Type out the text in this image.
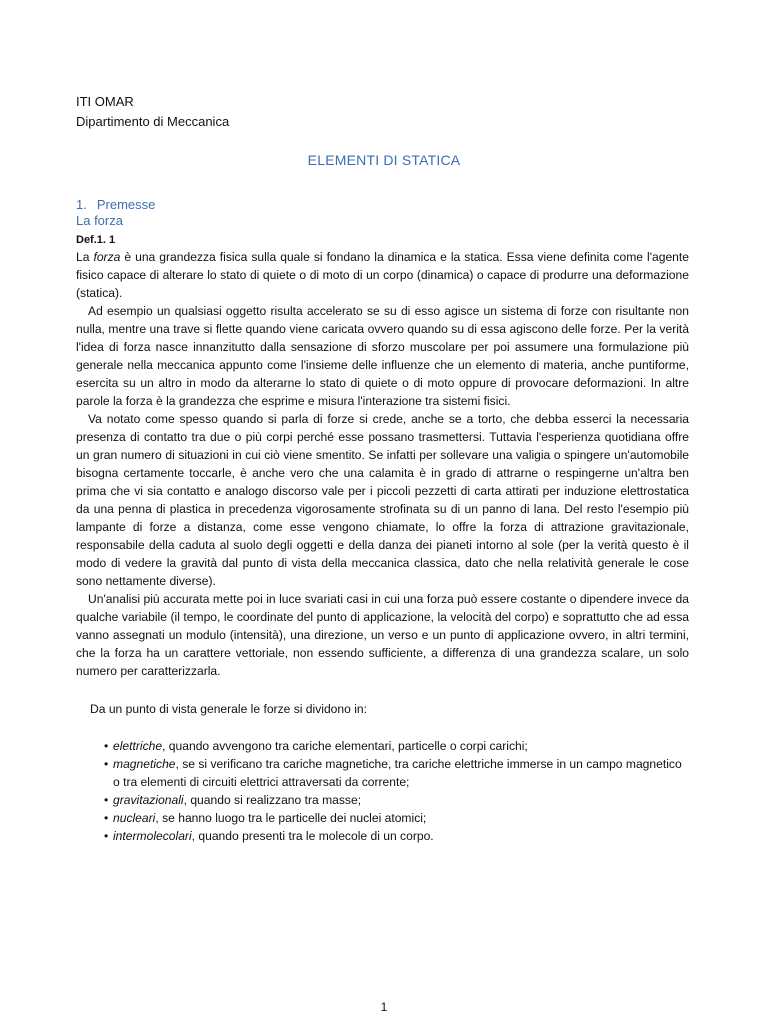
ITI OMAR
Dipartimento di Meccanica
ELEMENTI DI STATICA
1. Premesse
La forza
Def.1. 1

La forza è una grandezza fisica sulla quale si fondano la dinamica e la statica. Essa viene definita come l'agente fisico capace di alterare lo stato di quiete o di moto di un corpo (dinamica) o capace di produrre una deformazione (statica).

Ad esempio un qualsiasi oggetto risulta accelerato se su di esso agisce un sistema di forze con risultante non nulla, mentre una trave si flette quando viene caricata ovvero quando su di essa agiscono delle forze. Per la verità l'idea di forza nasce innanzitutto dalla sensazione di sforzo muscolare per poi assumere una formulazione più generale nella meccanica appunto come l'insieme delle influenze che un elemento di materia, anche puntiforme, esercita su un altro in modo da alterarne lo stato di quiete o di moto oppure di provocare deformazioni. In altre parole la forza è la grandezza che esprime e misura l'interazione tra sistemi fisici.

Va notato come spesso quando si parla di forze si crede, anche se a torto, che debba esserci la necessaria presenza di contatto tra due o più corpi perché esse possano trasmettersi. Tuttavia l'esperienza quotidiana offre un gran numero di situazioni in cui ciò viene smentito. Se infatti per sollevare una valigia o spingere un'automobile bisogna certamente toccarle, è anche vero che una calamita è in grado di attrarne o respingerne un'altra ben prima che vi sia contatto e analogo discorso vale per i piccoli pezzetti di carta attirati per induzione elettrostatica da una penna di plastica in precedenza vigorosamente strofinata su di un panno di lana. Del resto l'esempio più lampante di forze a distanza, come esse vengono chiamate, lo offre la forza di attrazione gravitazionale, responsabile della caduta al suolo degli oggetti e della danza dei pianeti intorno al sole (per la verità questo è il modo di vedere la gravità dal punto di vista della meccanica classica, dato che nella relatività generale le cose sono nettamente diverse).

Un'analisi più accurata mette poi in luce svariati casi in cui una forza può essere costante o dipendere invece da qualche variabile (il tempo, le coordinate del punto di applicazione, la velocità del corpo) e soprattutto che ad essa vanno assegnati un modulo (intensità), una direzione, un verso e un punto di applicazione ovvero, in altri termini, che la forza ha un carattere vettoriale, non essendo sufficiente, a differenza di una grandezza scalare, un solo numero per caratterizzarla.

Da un punto di vista generale le forze si dividono in:
• elettriche, quando avvengono tra cariche elementari, particelle o corpi carichi;
• magnetiche, se si verificano tra cariche magnetiche, tra cariche elettriche immerse in un campo magnetico o tra elementi di circuiti elettrici attraversati da corrente;
• gravitazionali, quando si realizzano tra masse;
• nucleari, se hanno luogo tra le particelle dei nuclei atomici;
• intermolecolari, quando presenti tra le molecole di un corpo.
1
